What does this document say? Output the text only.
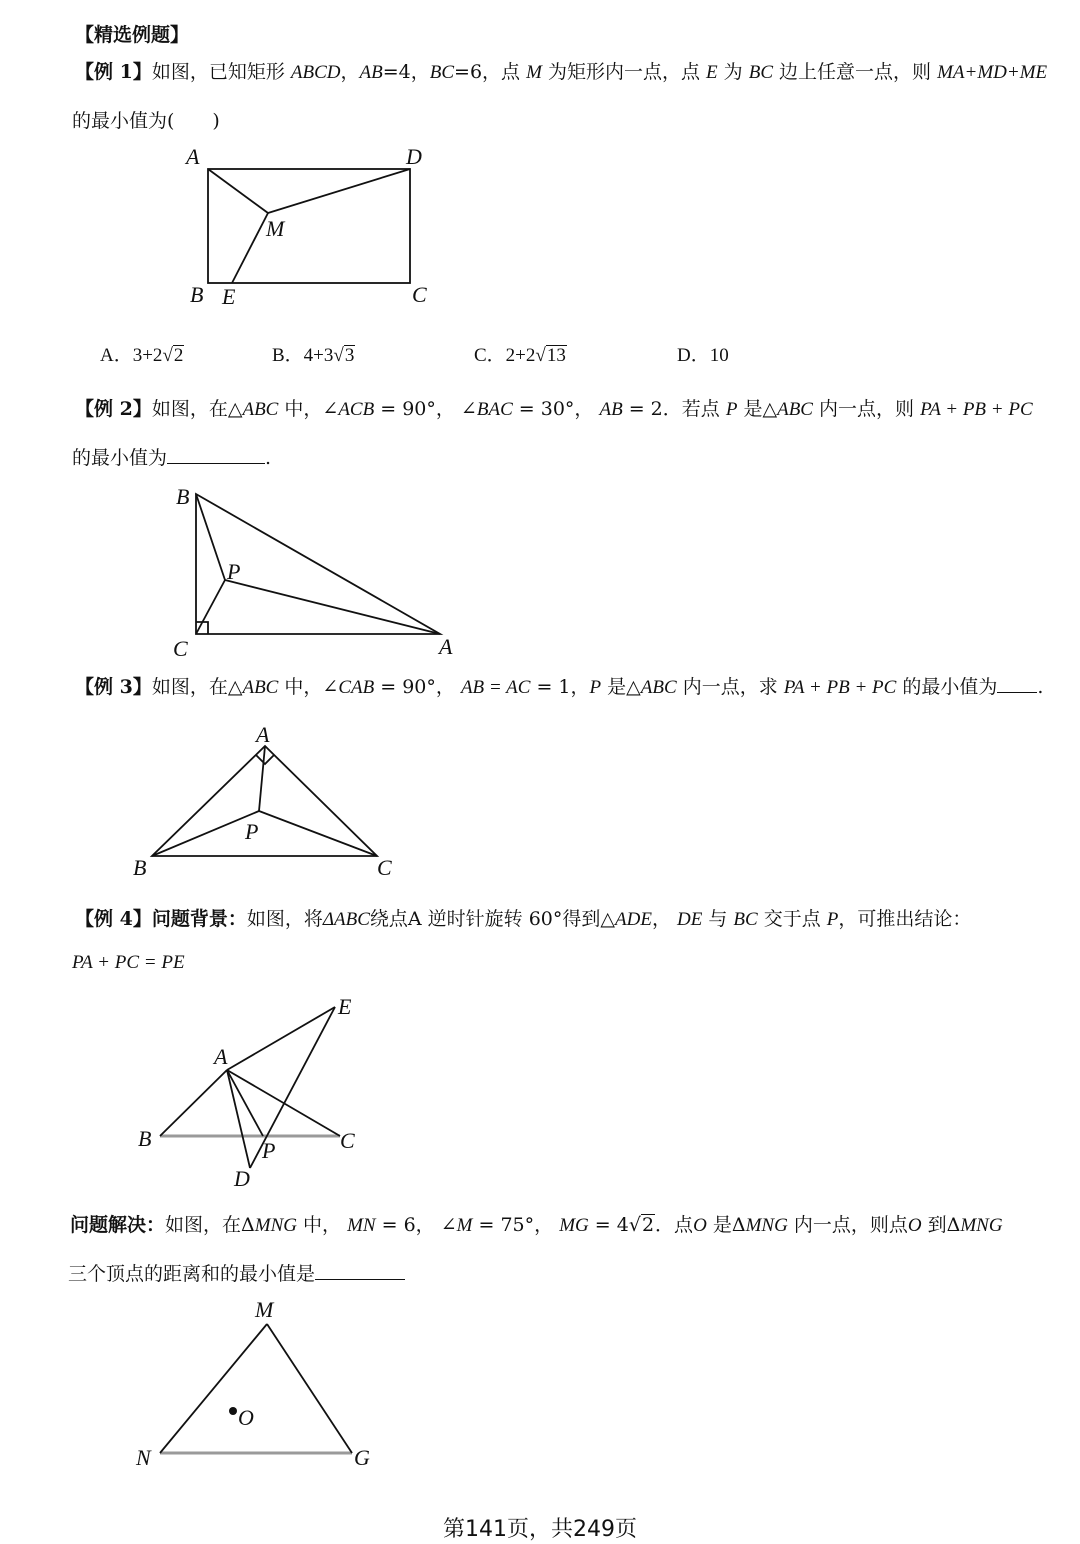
【精选例题】
【例 1】如图，已知矩形 ABCD，AB=4，BC=6，点 M 为矩形内一点，点 E 为 BC 边上任意一点，则 MA+MD+ME
的最小值为(　　)
A	D
M
B E	C
A．3+2√2	B．4+3√3	C．2+2√13	D．10
【例 2】如图，在△ABC 中，∠ACB = 90°， ∠BAC = 30°， AB = 2．若点 P 是△ABC 内一点，则 PA + PB + PC
的最小值为	.
B
P
C	A
【例 3】如图，在△ABC 中，∠CAB = 90°， AB = AC = 1，P 是△ABC 内一点，求 PA + PB + PC 的最小值为 .
A
P
B	C
【例 4】问题背景：如图，将ΔABC绕点A 逆时针旋转 60°得到△ADE， DE 与 BC 交于点 P，可推出结论：
PA + PC = PE
E
A
B	C
P
D
问题解决：如图，在ΔMNG 中， MN = 6， ∠M = 75°， MG = 4√2．点O 是ΔMNG 内一点，则点O 到ΔMNG
三个顶点的距离和的最小值是
M
O
N	G
第141页，共249页
